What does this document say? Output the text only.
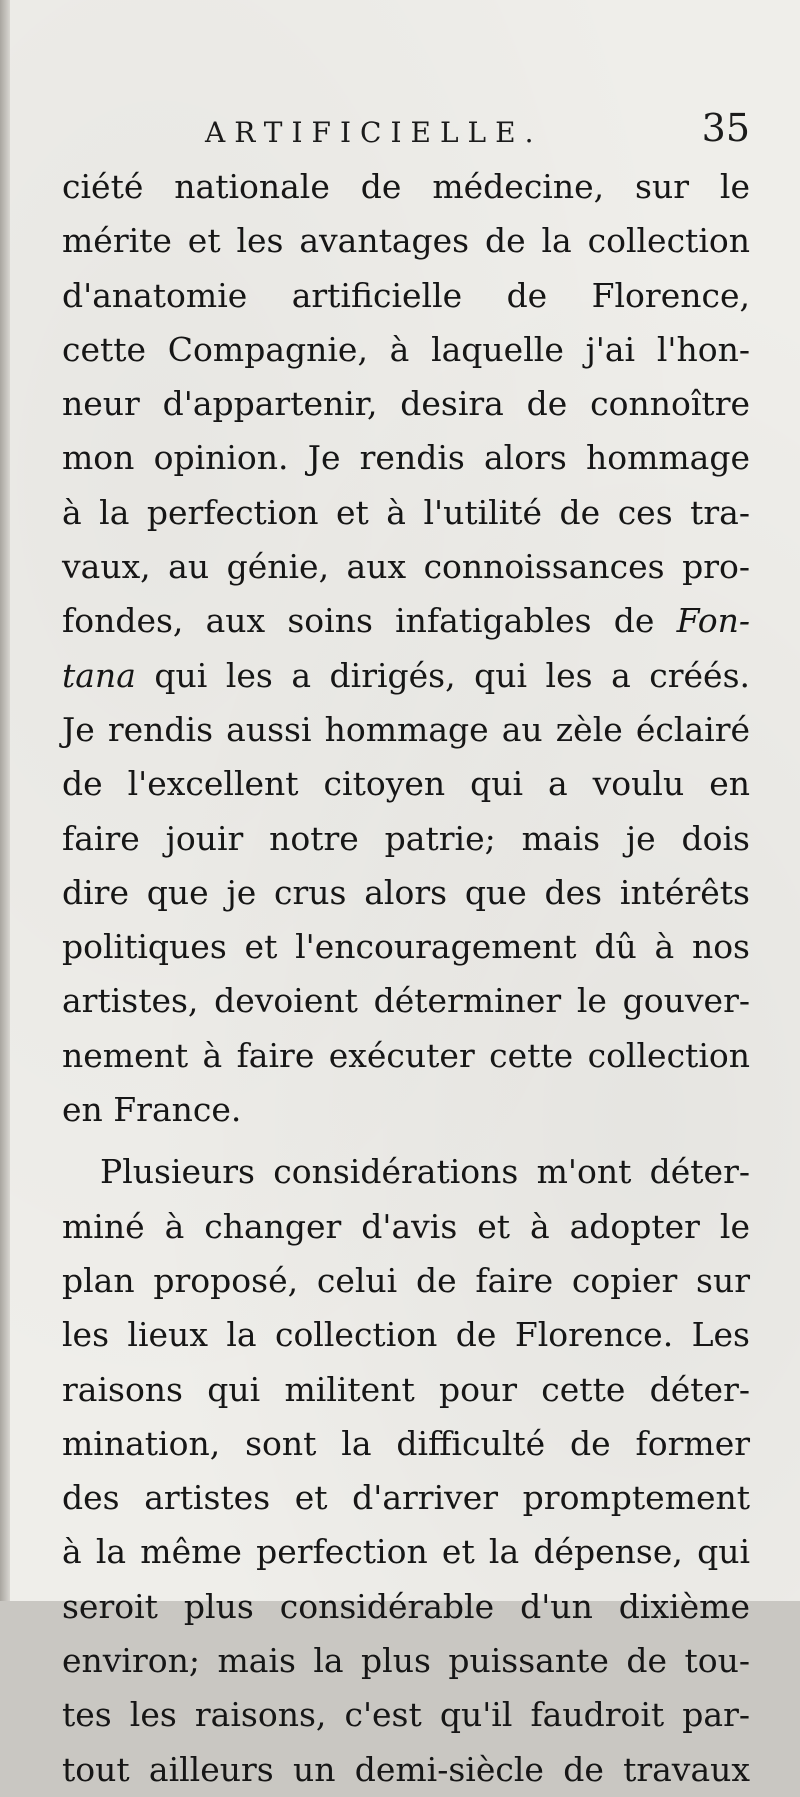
ARTIFICIELLE.	35
ciété nationale de médecine, sur le
mérite et les avantages de la collection
d'anatomie artificielle de Florence,
cette Compagnie, à laquelle j'ai l'hon-
neur d'appartenir, desira de connoître
mon opinion. Je rendis alors hommage
à la perfection et à l'utilité de ces tra-
vaux, au génie, aux connoissances pro-
fondes, aux soins infatigables de Fon-
tana qui les a dirigés, qui les a créés.
Je rendis aussi hommage au zèle éclairé
de l'excellent citoyen qui a voulu en
faire jouir notre patrie; mais je dois
dire que je crus alors que des intérêts
politiques et l'encouragement dû à nos
artistes, devoient déterminer le gouver-
nement à faire exécuter cette collection
en France.
Plusieurs considérations m'ont déter-
miné à changer d'avis et à adopter le
plan proposé, celui de faire copier sur
les lieux la collection de Florence. Les
raisons qui militent pour cette déter-
mination, sont la difficulté de former
des artistes et d'arriver promptement
à la même perfection et la dépense, qui
seroit plus considérable d'un dixième
environ; mais la plus puissante de tou-
tes les raisons, c'est qu'il faudroit par-
tout ailleurs un demi-siècle de travaux
